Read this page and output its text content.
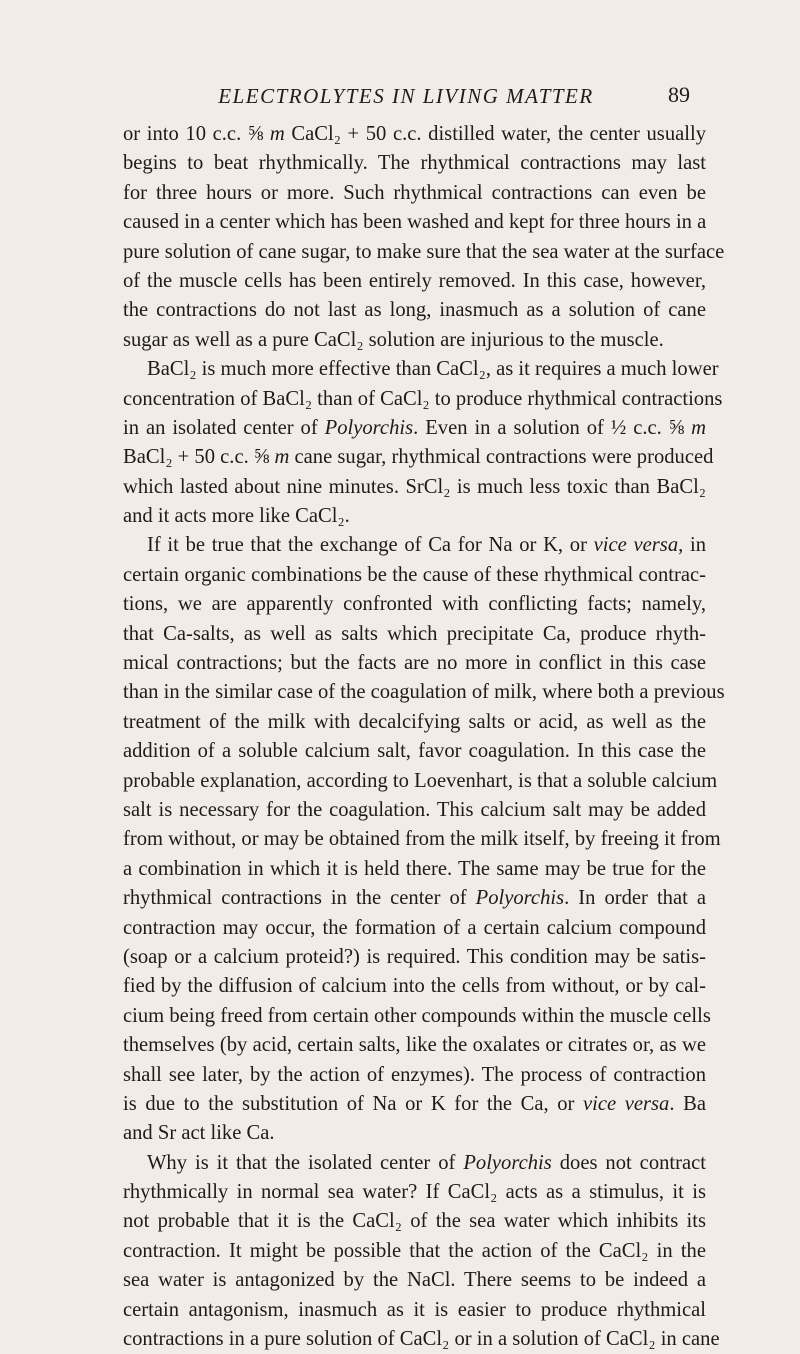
ELECTROLYTES IN LIVING MATTER	89
or into 10 c.c. ⅝ m CaCl₂ + 50 c.c. distilled water, the center usually
begins to beat rhythmically. The rhythmical contractions may last
for three hours or more. Such rhythmical contractions can even be
caused in a center which has been washed and kept for three hours in a
pure solution of cane sugar, to make sure that the sea water at the surface
of the muscle cells has been entirely removed. In this case, however,
the contractions do not last as long, inasmuch as a solution of cane
sugar as well as a pure CaCl₂ solution are injurious to the muscle.
BaCl₂ is much more effective than CaCl₂, as it requires a much lower
concentration of BaCl₂ than of CaCl₂ to produce rhythmical contractions
in an isolated center of Polyorchis. Even in a solution of ½ c.c. ⅝ m
BaCl₂ + 50 c.c. ⅝ m cane sugar, rhythmical contractions were produced
which lasted about nine minutes. SrCl₂ is much less toxic than BaCl₂
and it acts more like CaCl₂.
If it be true that the exchange of Ca for Na or K, or vice versa, in
certain organic combinations be the cause of these rhythmical contrac-
tions, we are apparently confronted with conflicting facts; namely,
that Ca-salts, as well as salts which precipitate Ca, produce rhyth-
mical contractions; but the facts are no more in conflict in this case
than in the similar case of the coagulation of milk, where both a previous
treatment of the milk with decalcifying salts or acid, as well as the
addition of a soluble calcium salt, favor coagulation. In this case the
probable explanation, according to Loevenhart, is that a soluble calcium
salt is necessary for the coagulation. This calcium salt may be added
from without, or may be obtained from the milk itself, by freeing it from
a combination in which it is held there. The same may be true for the
rhythmical contractions in the center of Polyorchis. In order that a
contraction may occur, the formation of a certain calcium compound
(soap or a calcium proteid?) is required. This condition may be satis-
fied by the diffusion of calcium into the cells from without, or by cal-
cium being freed from certain other compounds within the muscle cells
themselves (by acid, certain salts, like the oxalates or citrates or, as we
shall see later, by the action of enzymes). The process of contraction
is due to the substitution of Na or K for the Ca, or vice versa. Ba
and Sr act like Ca.
Why is it that the isolated center of Polyorchis does not contract
rhythmically in normal sea water? If CaCl₂ acts as a stimulus, it is
not probable that it is the CaCl₂ of the sea water which inhibits its
contraction. It might be possible that the action of the CaCl₂ in the
sea water is antagonized by the NaCl. There seems to be indeed a
certain antagonism, inasmuch as it is easier to produce rhythmical
contractions in a pure solution of CaCl₂ or in a solution of CaCl₂ in cane
